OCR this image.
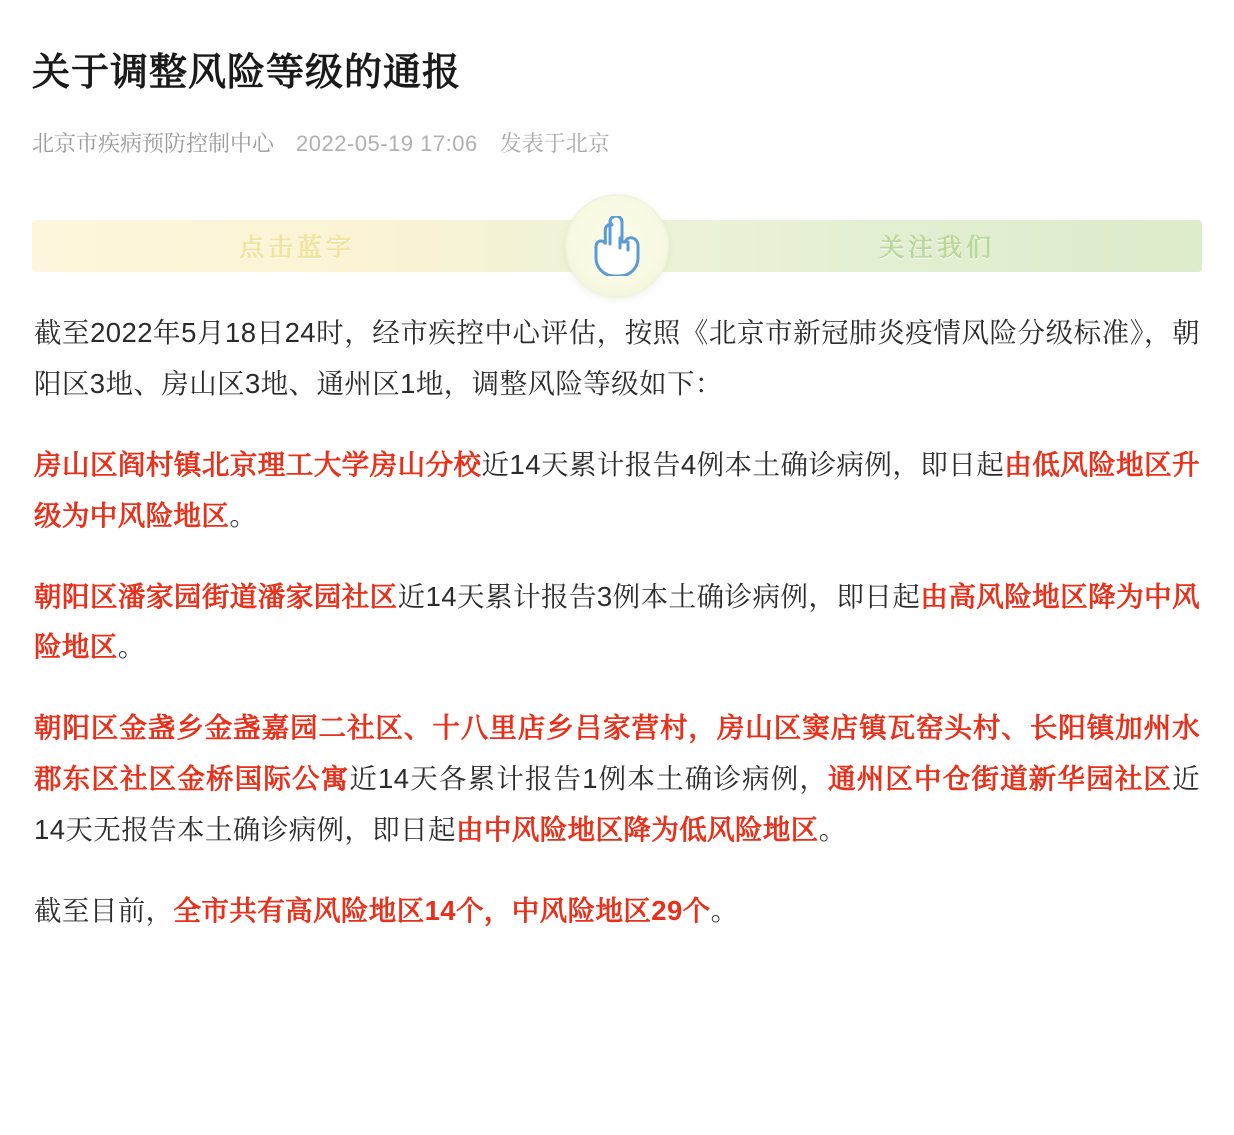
关于调整风险等级的通报
北京市疾病预防控制中心 2022-05-19 17:06 发表于北京
点击蓝字	关注我们

截至2022年5月18日24时，经市疾控中心评估，按照《北京市新冠肺炎疫情风险分级标准》，朝阳区3地、房山区3地、通州区1地，调整风险等级如下：

房山区阎村镇北京理工大学房山分校近14天累计报告4例本土确诊病例，即日起由低风险地区升级为中风险地区。

朝阳区潘家园街道潘家园社区近14天累计报告3例本土确诊病例，即日起由高风险地区降为中风险地区。

朝阳区金盏乡金盏嘉园二社区、十八里店乡吕家营村，房山区窦店镇瓦窑头村、长阳镇加州水郡东区社区金桥国际公寓近14天各累计报告1例本土确诊病例，通州区中仓街道新华园社区近14天无报告本土确诊病例，即日起由中风险地区降为低风险地区。

截至目前，全市共有高风险地区14个，中风险地区29个。
